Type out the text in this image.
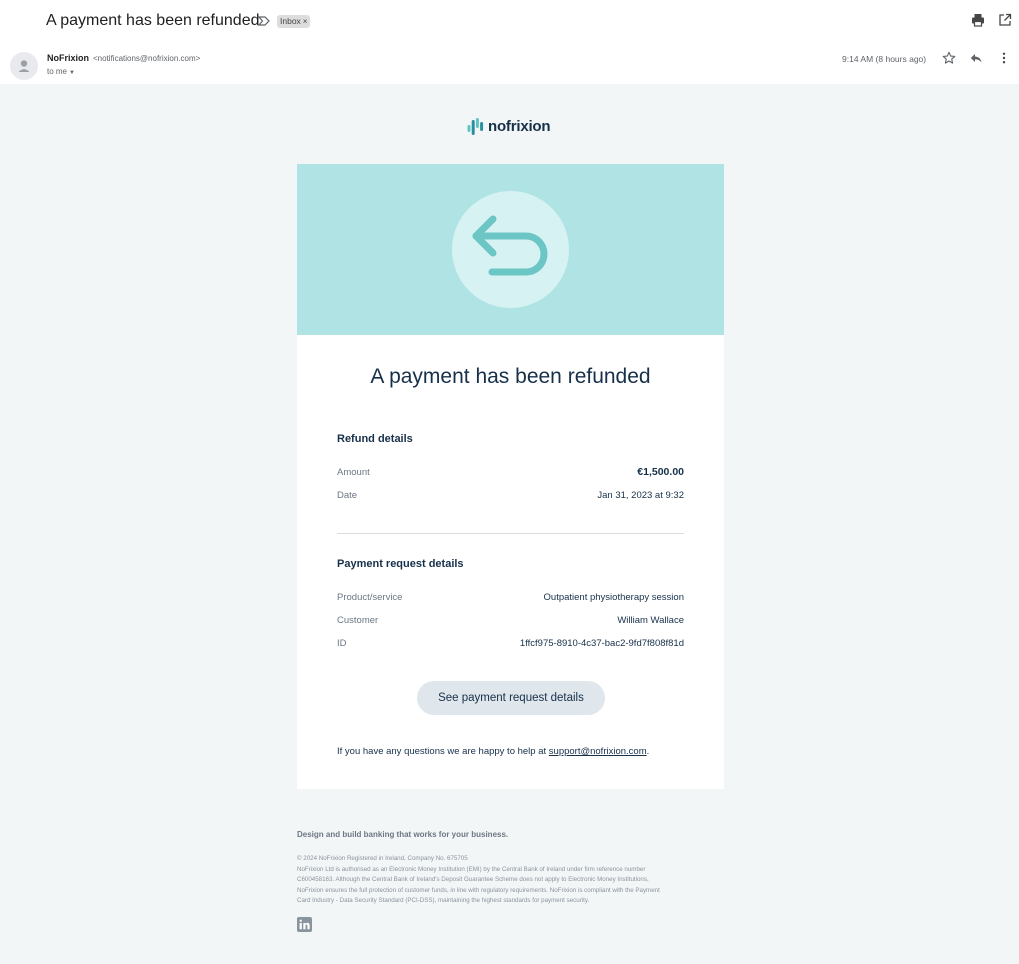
A payment has been refunded	Inbox ×
NoFrixion <notifications@nofrixion.com>
to me ▼
9:14 AM (8 hours ago)
nofrixion
A payment has been refunded
Refund details
Amount	€1,500.00
Date	Jan 31, 2023 at 9:32
Payment request details
Product/service	Outpatient physiotherapy session
Customer	William Wallace
ID	1ffcf975-8910-4c37-bac2-9fd7f808f81d
See payment request details
If you have any questions we are happy to help at support@nofrixion.com.
Design and build banking that works for your business.
© 2024 NoFrixion Registered in Ireland, Company No. 675705
NoFrixion Ltd is authorised as an Electronic Money Institution (EMI) by the Central Bank of Ireland under firm reference number
C600458163. Although the Central Bank of Ireland's Deposit Guarantee Scheme does not apply to Electronic Money Institutions,
NoFrixion ensures the full protection of customer funds, in line with regulatory requirements. NoFrixion is compliant with the Payment
Card Industry - Data Security Standard (PCI-DSS), maintaining the highest standards for payment security.
